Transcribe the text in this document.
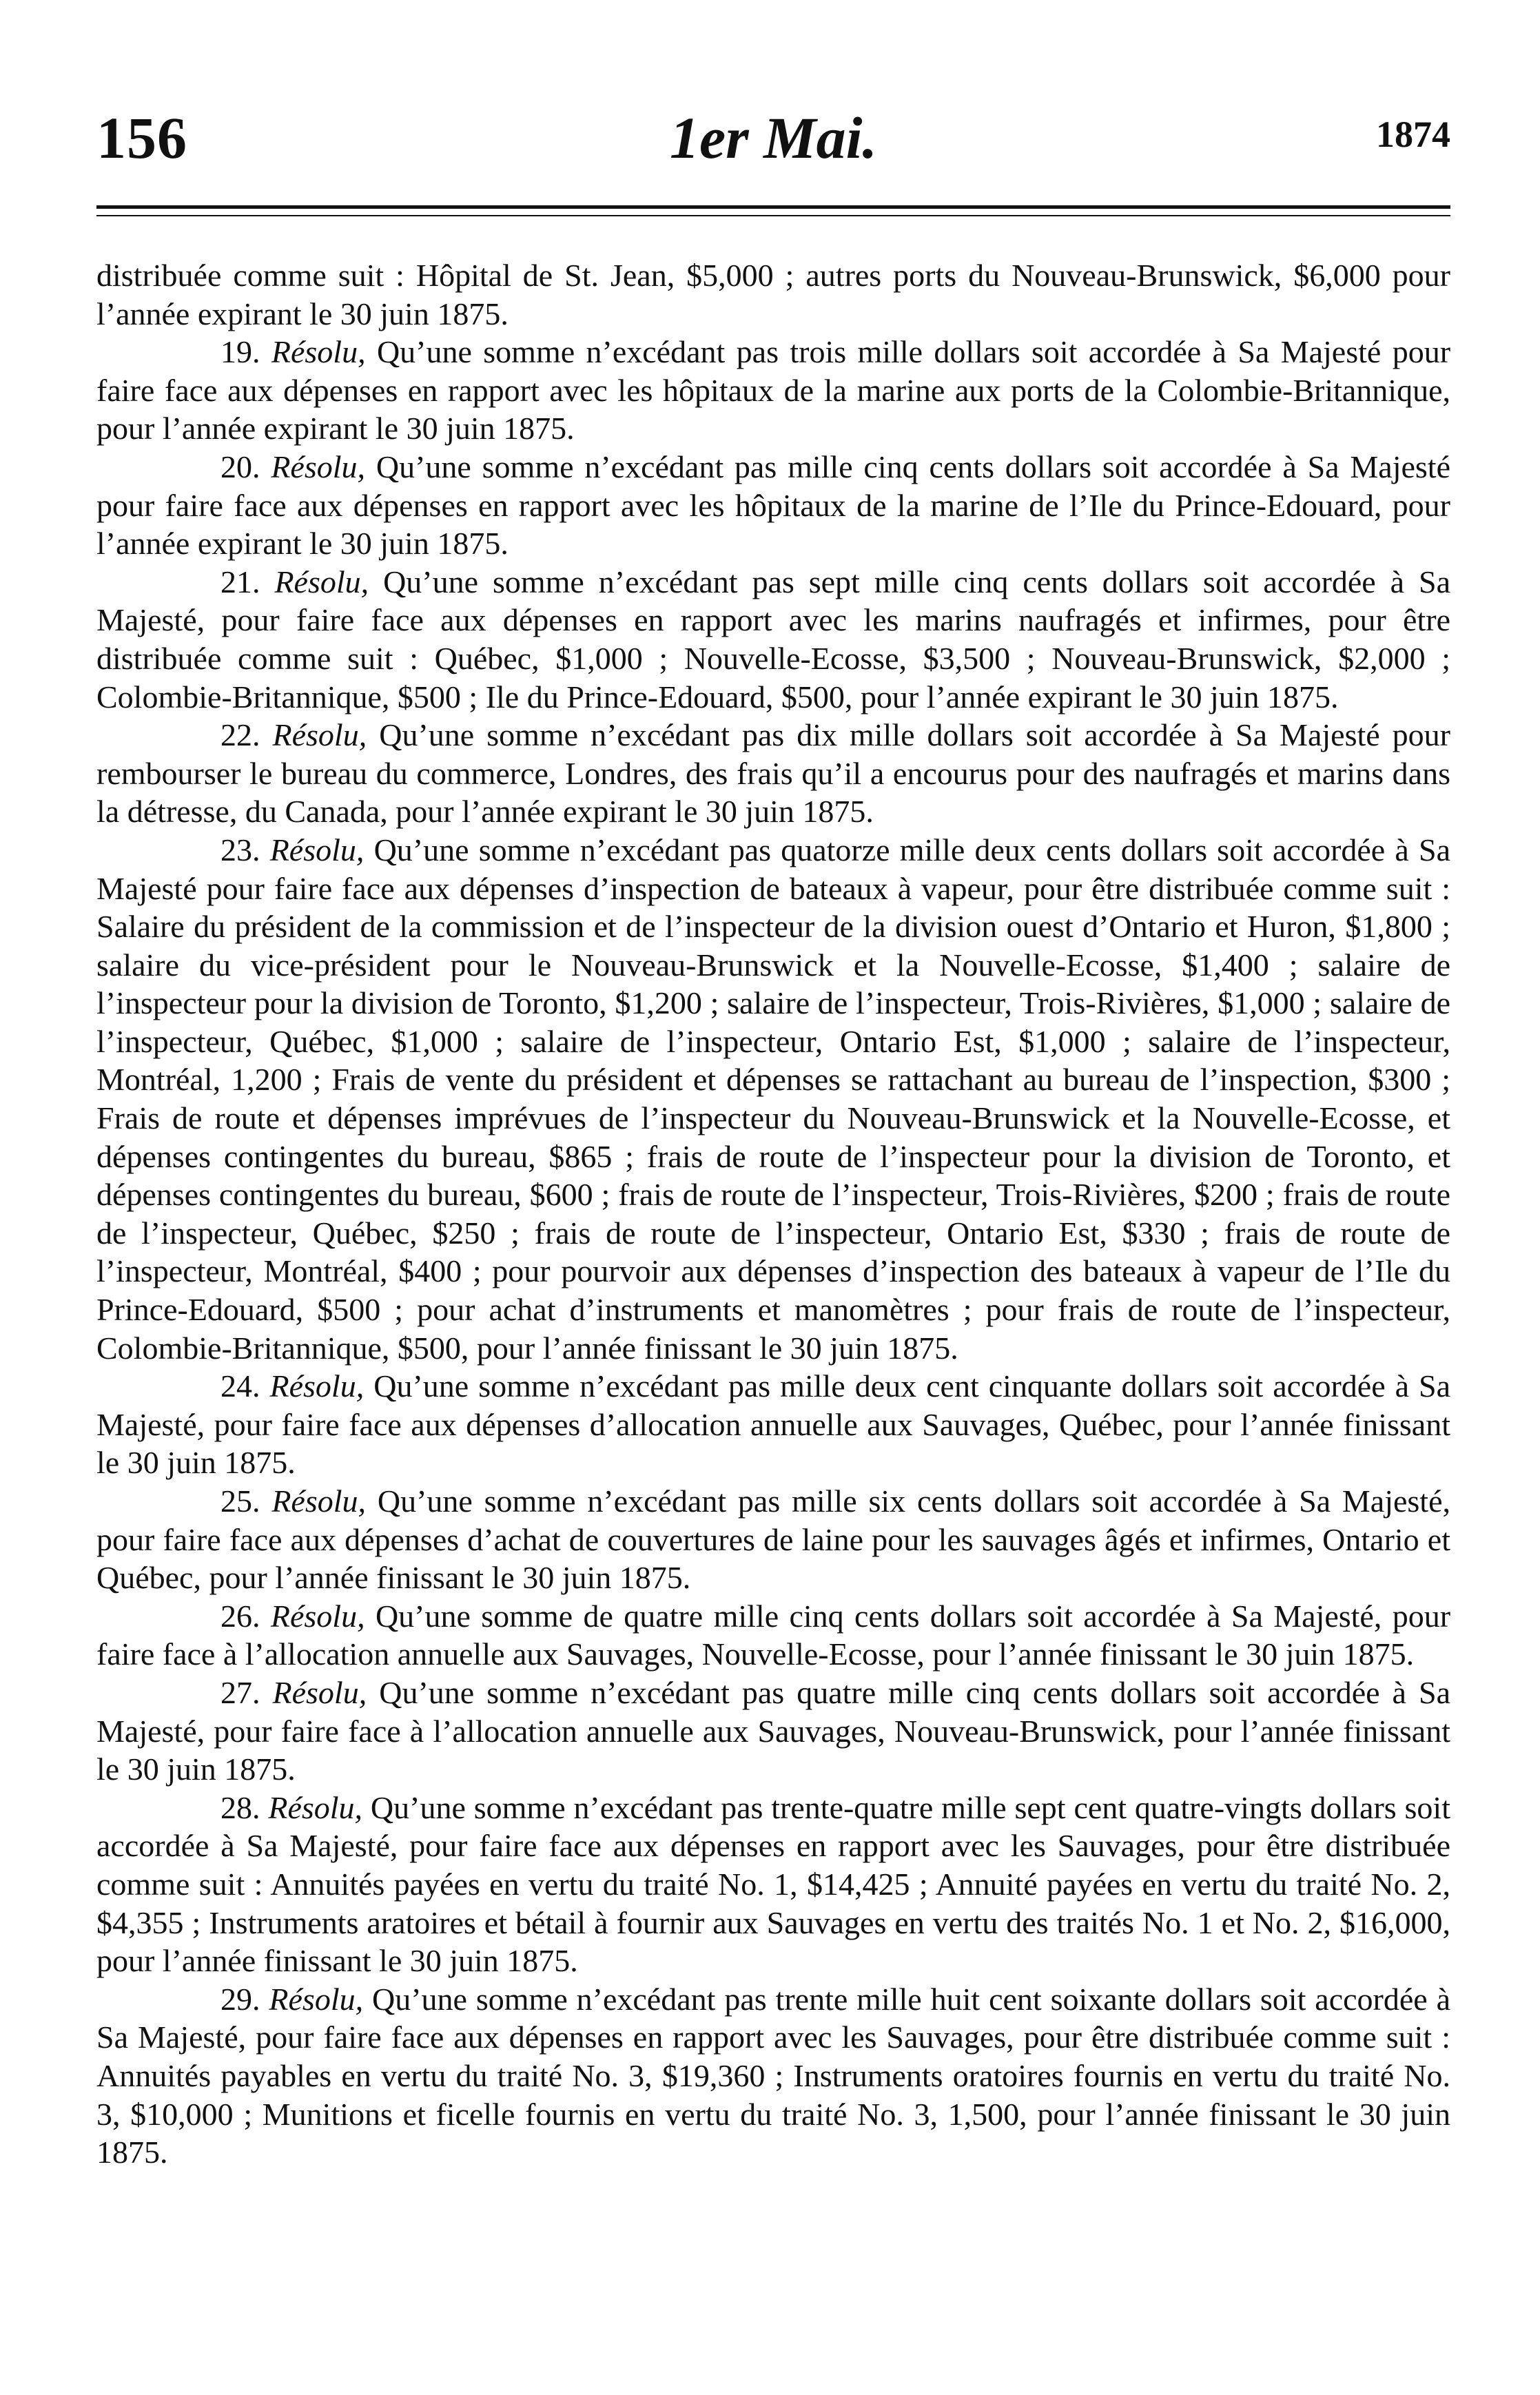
1er Mai.
156	1874

distribuée comme suit : Hôpital de St. Jean, $5,000 ; autres ports du Nouveau-Brunswick, $6,000 pour l’année expirant le 30 juin 1875.

19. Résolu, Qu’une somme n’excédant pas trois mille dollars soit accordée à Sa Majesté pour faire face aux dépenses en rapport avec les hôpitaux de la marine aux ports de la Colombie-Britannique, pour l’année expirant le 30 juin 1875.

20. Résolu, Qu’une somme n’excédant pas mille cinq cents dollars soit accordée à Sa Majesté pour faire face aux dépenses en rapport avec les hôpitaux de la marine de l’Ile du Prince-Edouard, pour l’année expirant le 30 juin 1875.

21. Résolu, Qu’une somme n’excédant pas sept mille cinq cents dollars soit accordée à Sa Majesté, pour faire face aux dépenses en rapport avec les marins naufragés et infirmes, pour être distribuée comme suit : Québec, $1,000 ; Nouvelle-Ecosse, $3,500 ; Nouveau-Brunswick, $2,000 ; Colombie-Britannique, $500 ; Ile du Prince-Edouard, $500, pour l’année expirant le 30 juin 1875.

22. Résolu, Qu’une somme n’excédant pas dix mille dollars soit accordée à Sa Majesté pour rembourser le bureau du commerce, Londres, des frais qu’il a encourus pour des naufragés et marins dans la détresse, du Canada, pour l’année expirant le 30 juin 1875.

23. Résolu, Qu’une somme n’excédant pas quatorze mille deux cents dollars soit accordée à Sa Majesté pour faire face aux dépenses d’inspection de bateaux à vapeur, pour être distribuée comme suit : Salaire du président de la commission et de l’inspecteur de la division ouest d’Ontario et Huron, $1,800 ; salaire du vice-président pour le Nouveau-Brunswick et la Nouvelle-Ecosse, $1,400 ; salaire de l’inspecteur pour la division de Toronto, $1,200 ; salaire de l’inspecteur, Trois-Rivières, $1,000 ; salaire de l’inspecteur, Québec, $1,000 ; salaire de l’inspecteur, Ontario Est, $1,000 ; salaire de l’inspecteur, Montréal, 1,200 ; Frais de vente du président et dépenses se rattachant au bureau de l’inspection, $300 ; Frais de route et dépenses imprévues de l’inspecteur du Nouveau-Brunswick et la Nouvelle-Ecosse, et dépenses contingentes du bureau, $865 ; frais de route de l’inspecteur pour la division de Toronto, et dépenses contingentes du bureau, $600 ; frais de route de l’inspecteur, Trois-Rivières, $200 ; frais de route de l’inspecteur, Québec, $250 ; frais de route de l’inspecteur, Ontario Est, $330 ; frais de route de l’inspecteur, Montréal, $400 ; pour pourvoir aux dépenses d’inspection des bateaux à vapeur de l’Ile du Prince-Edouard, $500 ; pour achat d’instruments et manomètres ; pour frais de route de l’inspecteur, Colombie-Britannique, $500, pour l’année finissant le 30 juin 1875.

24. Résolu, Qu’une somme n’excédant pas mille deux cent cinquante dollars soit accordée à Sa Majesté, pour faire face aux dépenses d’allocation annuelle aux Sauvages, Québec, pour l’année finissant le 30 juin 1875.

25. Résolu, Qu’une somme n’excédant pas mille six cents dollars soit accordée à Sa Majesté, pour faire face aux dépenses d’achat de couvertures de laine pour les sauvages âgés et infirmes, Ontario et Québec, pour l’année finissant le 30 juin 1875.

26. Résolu, Qu’une somme de quatre mille cinq cents dollars soit accordée à Sa Majesté, pour faire face à l’allocation annuelle aux Sauvages, Nouvelle-Ecosse, pour l’année finissant le 30 juin 1875.

27. Résolu, Qu’une somme n’excédant pas quatre mille cinq cents dollars soit accordée à Sa Majesté, pour faire face à l’allocation annuelle aux Sauvages, Nouveau-Brunswick, pour l’année finissant le 30 juin 1875.

28. Résolu, Qu’une somme n’excédant pas trente-quatre mille sept cent quatre-vingts dollars soit accordée à Sa Majesté, pour faire face aux dépenses en rapport avec les Sauvages, pour être distribuée comme suit : Annuités payées en vertu du traité No. 1, $14,425 ; Annuité payées en vertu du traité No. 2, $4,355 ; Instruments aratoires et bétail à fournir aux Sauvages en vertu des traités No. 1 et No. 2, $16,000, pour l’année finissant le 30 juin 1875.

29. Résolu, Qu’une somme n’excédant pas trente mille huit cent soixante dollars soit accordée à Sa Majesté, pour faire face aux dépenses en rapport avec les Sauvages, pour être distribuée comme suit : Annuités payables en vertu du traité No. 3, $19,360 ; Instruments oratoires fournis en vertu du traité No. 3, $10,000 ; Munitions et ficelle fournis en vertu du traité No. 3, 1,500, pour l’année finissant le 30 juin 1875.
